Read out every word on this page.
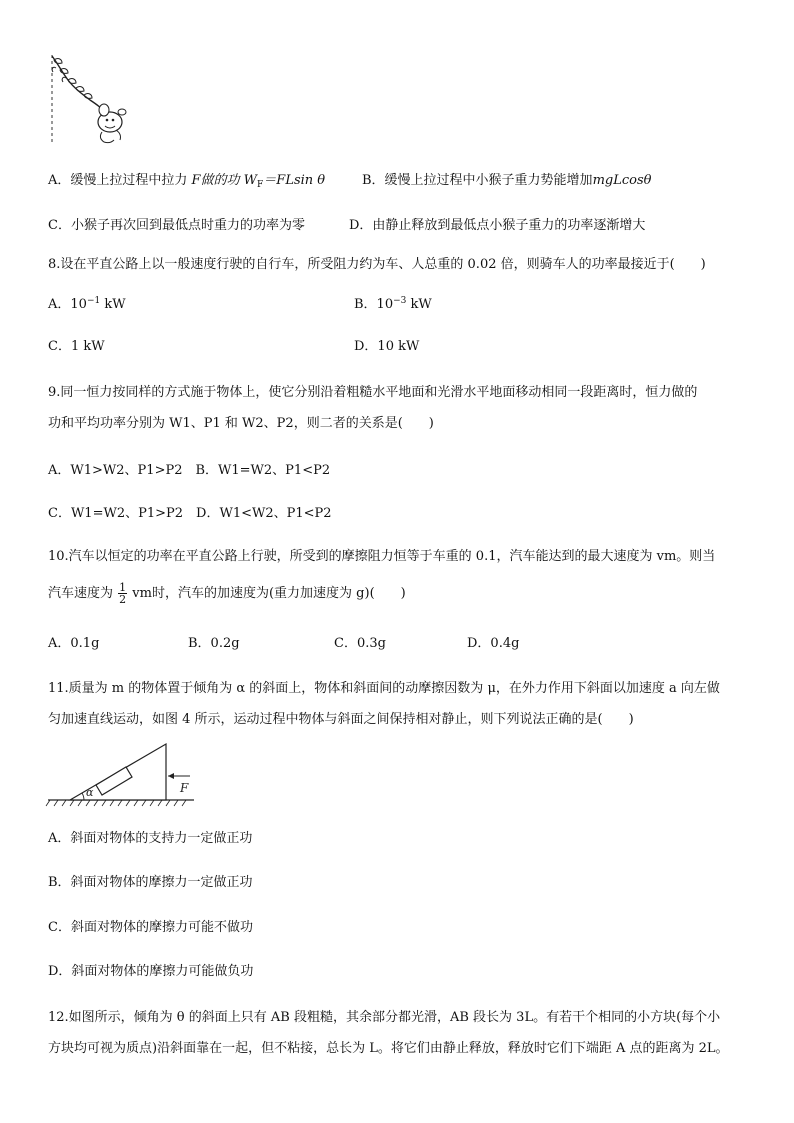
A．缓慢上拉过程中拉力 F做的功 $W_F=FLsin$ θ	B．缓慢上拉过程中小猴子重力势能增加mgLcosθ
C．小猴子再次回到最低点时重力的功率为零	D．由静止释放到最低点小猴子重力的功率逐渐增大
8.设在平直公路上以一般速度行驶的自行车，所受阻力约为车、人总重的 0.02 倍，则骑车人的功率最接近于(　　)
A．$10^{-1}$ kW	B．$10^{-3}$ kW
C．1 kW	D．10 kW
9.同一恒力按同样的方式施于物体上，使它分别沿着粗糙水平地面和光滑水平地面移动相同一段距离时，恒力做的
功和平均功率分别为 W1、P1 和 W2、P2，则二者的关系是(　　)
A．W1>W2、P1>P2　B．W1=W2、P1<P2
C．W1=W2、P1>P2　D．W1<W2、P1<P2
10.汽车以恒定的功率在平直公路上行驶，所受到的摩擦阻力恒等于车重的 0.1，汽车能达到的最大速度为 vm。则当
汽车速度为 $\frac{1}{2}$ vm时，汽车的加速度为(重力加速度为 g)(　　)
A．0.1g	B．0.2g	C．0.3g	D．0.4g
11.质量为 m 的物体置于倾角为 α 的斜面上，物体和斜面间的动摩擦因数为 μ，在外力作用下斜面以加速度 a 向左做
匀加速直线运动，如图 4 所示，运动过程中物体与斜面之间保持相对静止，则下列说法正确的是(　　)
α	F
A．斜面对物体的支持力一定做正功
B．斜面对物体的摩擦力一定做正功
C．斜面对物体的摩擦力可能不做功
D．斜面对物体的摩擦力可能做负功
12.如图所示，倾角为 θ 的斜面上只有 AB 段粗糙，其余部分都光滑，AB 段长为 3L。有若干个相同的小方块(每个小
方块均可视为质点)沿斜面靠在一起，但不粘接，总长为 L。将它们由静止释放，释放时它们下端距 A 点的距离为 2L。
